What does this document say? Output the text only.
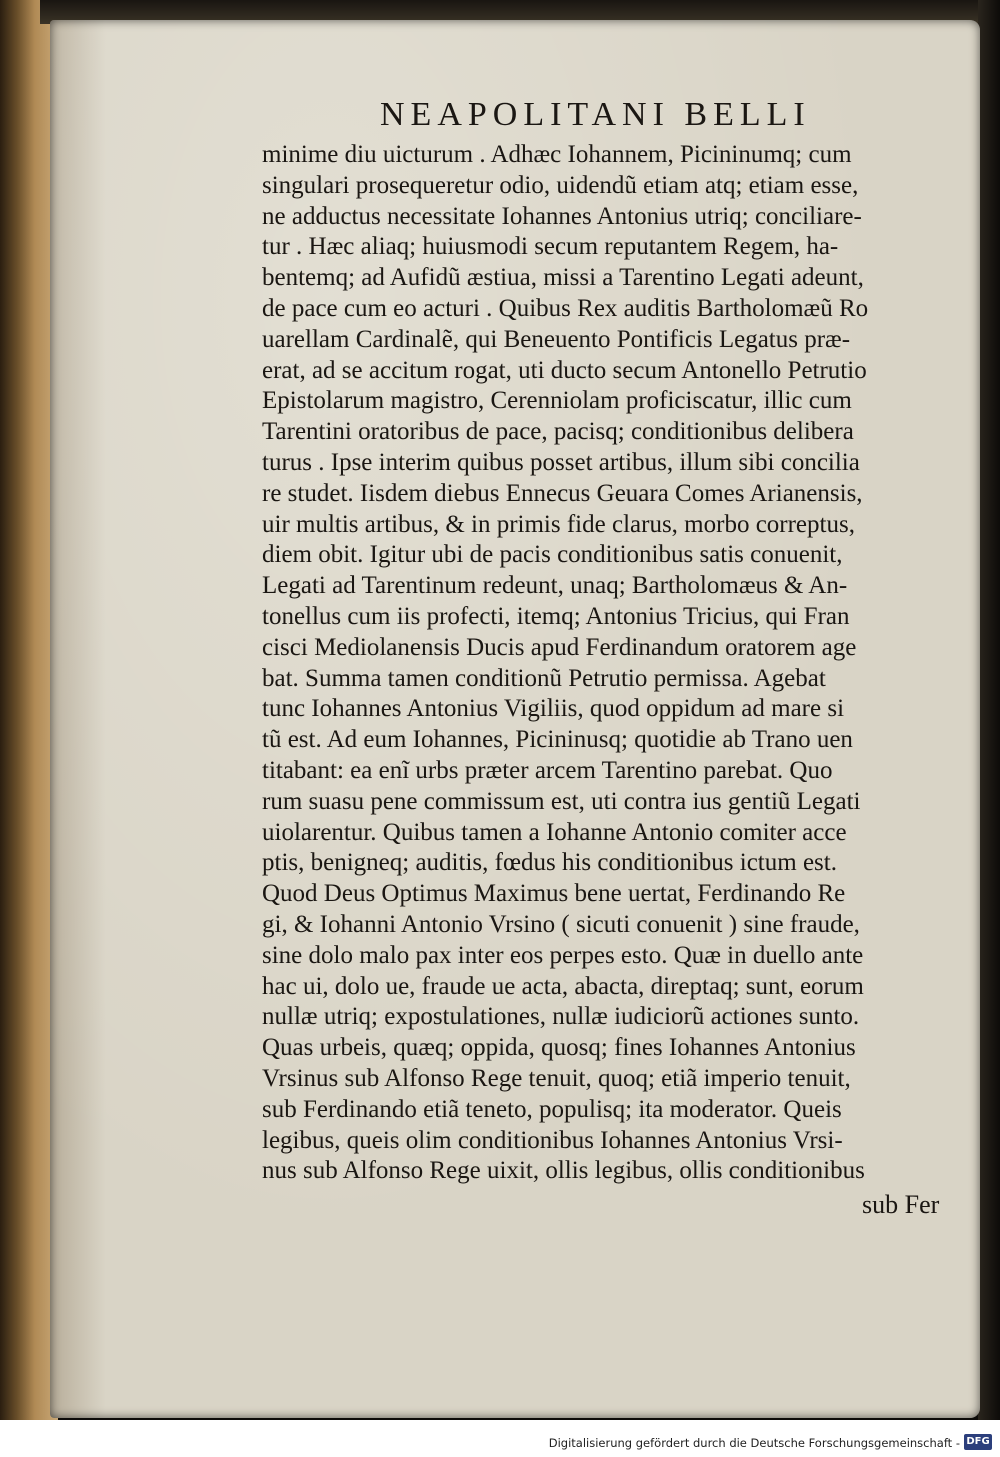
NEAPOLITANI BELLI
minime diu uicturum . Adhæc Iohannem, Picininumq; cum
singulari prosequeretur odio, uidendũ etiam atq; etiam esse,
ne adductus necessitate Iohannes Antonius utriq; conciliare-
tur . Hæc aliaq; huiusmodi secum reputantem Regem, ha-
bentemq; ad Aufidũ æstiua, missi a Tarentino Legati adeunt,
de pace cum eo acturi . Quibus Rex auditis Bartholomæũ Ro
uarellam Cardinalẽ, qui Beneuento Pontificis Legatus præ-
erat, ad se accitum rogat, uti ducto secum Antonello Petrutio
Epistolarum magistro, Cerenniolam proficiscatur, illic cum
Tarentini oratoribus de pace, pacisq; conditionibus delibera
turus . Ipse interim quibus posset artibus, illum sibi concilia
re studet. Iisdem diebus Ennecus Geuara Comes Arianensis,
uir multis artibus, & in primis fide clarus, morbo correptus,
diem obit. Igitur ubi de pacis conditionibus satis conuenit,
Legati ad Tarentinum redeunt, unaq; Bartholomæus & An-
tonellus cum iis profecti, itemq; Antonius Tricius, qui Fran
cisci Mediolanensis Ducis apud Ferdinandum oratorem age
bat. Summa tamen conditionũ Petrutio permissa. Agebat
tunc Iohannes Antonius Vigiliis, quod oppidum ad mare si
tũ est. Ad eum Iohannes, Picininusq; quotidie ab Trano uen
titabant: ea enĩ urbs præter arcem Tarentino parebat. Quo
rum suasu pene commissum est, uti contra ius gentiũ Legati
uiolarentur. Quibus tamen a Iohanne Antonio comiter acce
ptis, benigneq; auditis, fœdus his conditionibus ictum est.
Quod Deus Optimus Maximus bene uertat, Ferdinando Re
gi, & Iohanni Antonio Vrsino ( sicuti conuenit ) sine fraude,
sine dolo malo pax inter eos perpes esto. Quæ in duello ante
hac ui, dolo ue, fraude ue acta, abacta, direptaq; sunt, eorum
nullæ utriq; expostulationes, nullæ iudiciorũ actiones sunto.
Quas urbeis, quæq; oppida, quosq; fines Iohannes Antonius
Vrsinus sub Alfonso Rege tenuit, quoq; etiã imperio tenuit,
sub Ferdinando etiã teneto, populisq; ita moderator. Queis
legibus, queis olim conditionibus Iohannes Antonius Vrsi-
nus sub Alfonso Rege uixit, ollis legibus, ollis conditionibus
sub Fer
Digitalisierung gefördert durch die Deutsche Forschungsgemeinschaft - DFG
